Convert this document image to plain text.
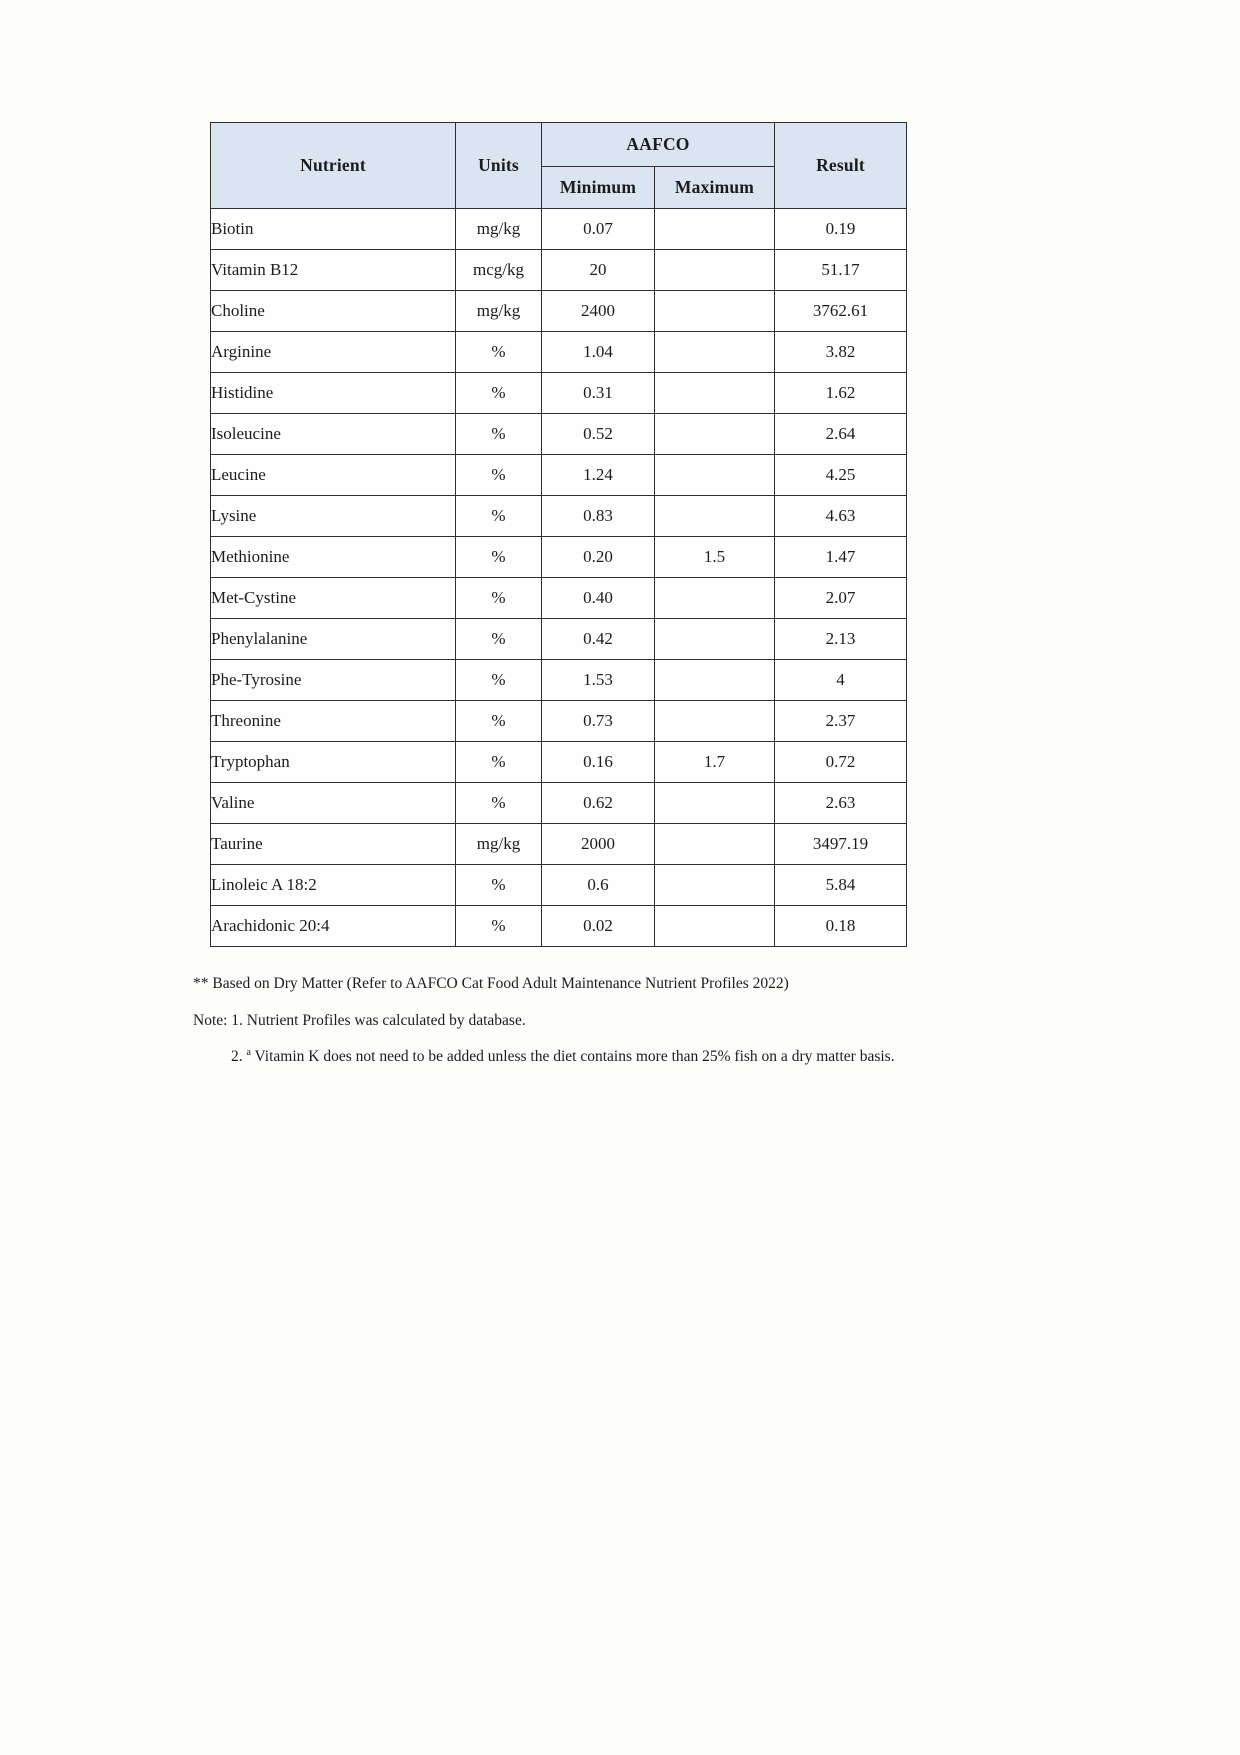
Nutrient	Units	AAFCO		Result
		Minimum	Maximum	
Biotin	mg/kg	0.07		0.19
Vitamin B12	mcg/kg	20		51.17
Choline	mg/kg	2400		3762.61
Arginine	%	1.04		3.82
Histidine	%	0.31		1.62
Isoleucine	%	0.52		2.64
Leucine	%	1.24		4.25
Lysine	%	0.83		4.63
Methionine	%	0.20	1.5	1.47
Met-Cystine	%	0.40		2.07
Phenylalanine	%	0.42		2.13
Phe-Tyrosine	%	1.53		4
Threonine	%	0.73		2.37
Tryptophan	%	0.16	1.7	0.72
Valine	%	0.62		2.63
Taurine	mg/kg	2000		3497.19
Linoleic A 18:2	%	0.6		5.84
Arachidonic 20:4	%	0.02		0.18

** Based on Dry Matter (Refer to AAFCO Cat Food Adult Maintenance Nutrient Profiles 2022)

Note: 1. Nutrient Profiles was calculated by database.

2. $^a$ Vitamin K does not need to be added unless the diet contains more than 25% fish on a dry matter basis.
